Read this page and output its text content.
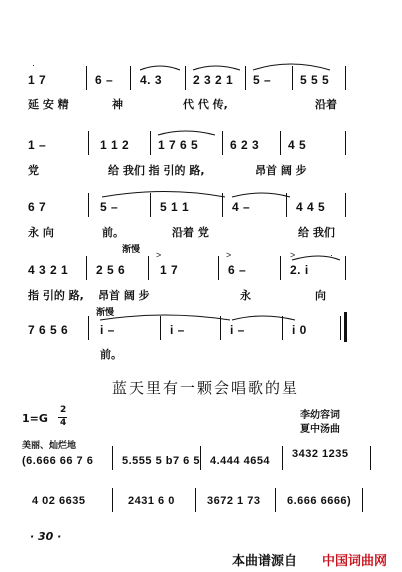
1 7	6 – 4. 3	2 3 2 1 5 – 5 5 5
延 安 精	神	代 代 传,	沿着
1 –	1 1 2 1 7 6 5	6 2 3 4 5
党	给 我们 指 引的 路,	昂首 阔 步
6 7	5 –	5 1 1	4 –	4 4 5
永 向	前。	沿着 党	给 我们
渐慢
4 3 2 1 2 5 6	1 7	6 –	2. i
指 引的 路, 昂首 阔 步	永	向
渐慢
7 6 5 6	i –	i –	i –	i 0
前。
蓝天里有一颗会唱歌的星
1=G
2
4
李幼容词
夏中汤曲
美丽、灿烂地
(6.666 66 7 6	5.555 5 b7 6 5 4.444 4654
3432 1235
4 02 6635	2431 6 0	3672 1 73 6.666 6666)
· 30 ·
本曲谱源自 中国词曲网
·
>	>	>	·
